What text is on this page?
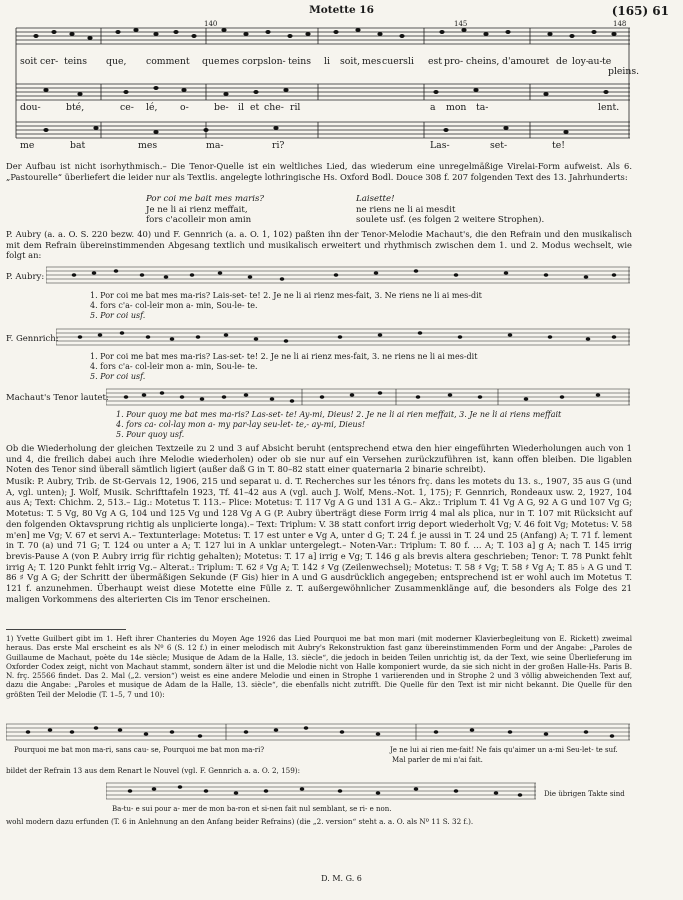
Motette 16	(165) 61
140	145	148
soit cer- teins que, comment que mes corps lon- teins li soit, mes cuers li est pro- cheins, d'amour et de loy- au- te
pleins.
dou-	bté,	ce- lé, o-	be- il et che- ril	a mon ta-	lent.
me	bat	mes	ma-	ri?	Las-	set-	te!

Der Aufbau ist nicht isorhythmisch.– Die Tenor-Quelle ist ein weltliches Lied, das wiederum eine unregelmäßige Virelai-Form aufweist. Als 6. „Pastourelle“ überliefert die leider nur als Textlis. angelegte lothringische Hs. Oxford Bodl. Douce 308 f. 207 folgenden Text des 13. Jahrhunderts:

Por coi me bait mes maris?
Je ne li ai rienz meffait,
fors c'acolleir mon amin
Laisette!
ne riens ne li ai mesdit
soulete usf. (es folgen 2 weitere Strophen).

P. Aubry (a. a. O. S. 220 bezw. 40) und F. Gennrich (a. a. O. 1, 102) paßten ihn der Tenor-Melodie Machaut's, die den Refrain und den musikalisch mit dem Refrain übereinstimmenden Abgesang textlich und musikalisch erweitert und rhythmisch zwischen dem 1. und 2. Modus wechselt, wie folgt an:

P. Aubry:
1. Por coi me bat mes ma-ris? Lais-set- te! 2. Je ne li ai rienz mes-fait, 3. Ne riens ne li ai mes-dit
4. fors c'a- col-leir mon a- min, Sou-le- te.
5. Por coi usf.
F. Gennrich:
1. Por coi me bat mes ma-ris? Las-set- te! 2. Je ne li ai rienz mes-fait, 3. ne riens ne li ai mes-dit
4. fors c'a- col-leir mon a- min, Sou-le- te.
5. Por coi usf.
Machaut's Tenor lautet:
1. Pour quoy me bat mes ma-ris? Las-set- te! Ay-mi, Dieus! 2. Je ne li ai rien meffait, 3. Je ne li ai riens meffait
4. fors ca- col-lay mon a- my par-lay seu-let- te,- ay-mi, Dieus!
5. Pour quoy usf.

Ob die Wiederholung der gleichen Textzeile zu 2 und 3 auf Absicht beruht (entsprechend etwa den hier eingeführten Wiederholungen auch von 1 und 4, die freilich dabei auch ihre Melodie wiederholen) oder ob sie nur auf ein Versehen zurückzuführen ist, kann offen bleiben. Die ligablen Noten des Tenor sind überall sämtlich ligiert (außer daß G in T. 80–82 statt einer quaternaria 2 binarie schreibt).

Musik: P. Aubry, Trib. de St-Gervais 12, 1906, 215 und separat u. d. T. Recherches sur les ténors frç. dans les motets du 13. s., 1907, 35 aus G (und A, vgl. unten); J. Wolf, Musik. Schrifttafeln 1923, Tf. 41–42 aus A (vgl. auch J. Wolf, Mens.-Not. 1, 175); F. Gennrich, Rondeaux usw. 2, 1927, 104 aus A; Text: Chichm. 2, 513.– Lig.: Motetus T. 113.– Plice: Motetus: T. 117 Vg A G und 131 A G.– Akz.: Triplum T. 41 Vg A G, 92 A G und 107 Vg G; Motetus: T. 5 Vg, 80 Vg A G, 104 und 125 Vg und 128 Vg A G (P. Aubry überträgt diese Form irrig 4 mal als plica, nur in T. 107 mit Rücksicht auf den folgenden Oktavsprung richtig als unplicierte longa).– Text: Triplum: V. 38 statt confort irrig deport wiederholt Vg; V. 46 foit Vg; Motetus: V. 58 m'en] me Vg; V. 67 et servi A.– Textunterlage: Motetus: T. 17 est unter e Vg A, unter d G; T. 24 f. je aussi in T. 24 und 25 (Anfang) A; T. 71 f. lement in T. 70 (a) und 71 G; T. 124 ou unter a A; T. 127 lui in A unklar untergelegt.– Noten-Var.: Triplum: T. 80 f. … A; T. 103 a] g A; nach T. 145 irrig brevis-Pause A (von P. Aubry irrig für richtig gehalten); Motetus: T. 17 a] irrig e Vg; T. 146 g als brevis altera geschrieben; Tenor: T. 78 Punkt fehlt irrig A; T. 120 Punkt fehlt irrig Vg.– Alterat.: Triplum: T. 62 ♯ Vg A; T. 142 ♯ Vg (Zeilenwechsel); Motetus: T. 58 ♯ Vg; T. 58 ♯ Vg A; T. 85 ♭ A G und T. 86 ♯ Vg A G; der Schritt der übermäßigen Sekunde (F Gis) hier in A und G ausdrücklich angegeben; entsprechend ist er wohl auch im Motetus T. 121 f. anzunehmen. Überhaupt weist diese Motette eine Fülle z. T. außergewöhnlicher Zusammenklänge auf, die besonders als Folge des 21 maligen Vorkommens des alterierten Cis im Tenor erscheinen.

1) Yvette Guilbert gibt im 1. Heft ihrer Chanteries du Moyen Age 1926 das Lied Pourquoi me bat mon mari (mit moderner Klavierbegleitung von E. Rickett) zweimal heraus. Das erste Mal erscheint es als Nº 6 (S. 12 f.) in einer melodisch mit Aubry's Rekonstruktion fast ganz übereinstimmenden Form und der Angabe: „Paroles de Guillaume de Machaut, poète du 14e siècle; Musique de Adam de la Halle, 13. siècle“, die jedoch in beiden Teilen unrichtig ist, da der Text, wie seine Überlieferung im Oxforder Codex zeigt, nicht von Machaut stammt, sondern älter ist und die Melodie nicht von Halle komponiert wurde, da sie sich nicht in der großen Halle-Hs. Paris B. N. frç. 25566 findet. Das 2. Mal („2. version“) weist es eine andere Melodie und einen in Strophe 1 variierenden und in Strophe 2 und 3 völlig abweichenden Text auf, dazu die Angabe: „Paroles et musique de Adam de la Halle, 13. siècle“, die ebenfalls nicht zutrifft. Die Quelle für den Text ist mir nicht bekannt. Die Quelle für den größten Teil der Melodie (T. 1–5, 7 und 10):

Pourquoi me bat mon ma-ri, sans cau- se, Pourquoi me bat mon ma-ri?	Je ne lui ai rien me-fait! Ne fais qu'aimer un a-mi Seu-let- te suf.
Mal parler de mi n'ai fait.

bildet der Refrain 13 aus dem Renart le Nouvel (vgl. F. Gennrich a. a. O. 2, 159):

Ba-tu- e sui pour a- mer de mon ba-ron et si-nen fait nul semblant, se ri- e non.
Die übrigen Takte sind

wohl modern dazu erfunden (T. 6 in Anlehnung an den Anfang beider Refrains) (die „2. version“ steht a. a. O. als Nº 11 S. 32 f.).

D. M. G. 6
